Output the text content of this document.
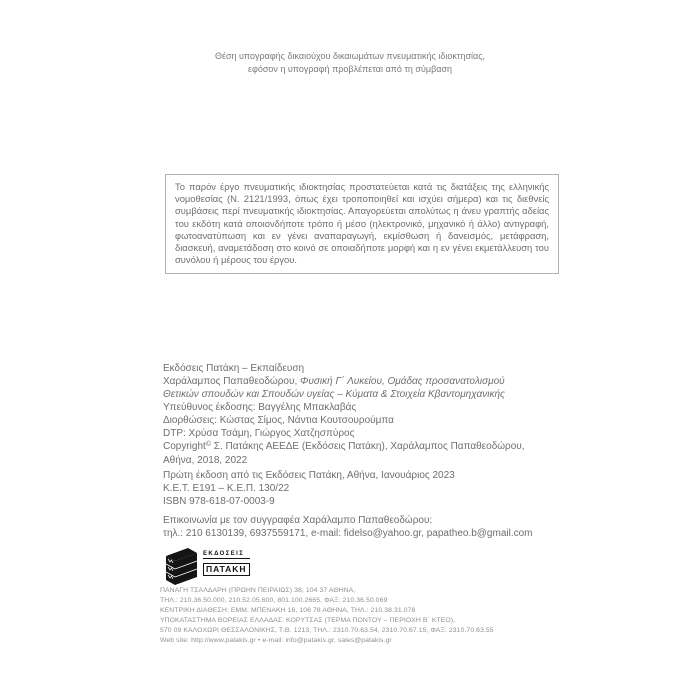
Θέση υπογραφής δικαιούχου δικαιωμάτων πνευματικής ιδιοκτησίας,
εφόσον η υπογραφή προβλέπεται από τη σύμβαση
Το παρόν έργο πνευματικής ιδιοκτησίας προστατεύεται κατά τις διατάξεις της ελληνικής νομοθεσίας (Ν. 2121/1993, όπως έχει τροποποιηθεί και ισχύει σήμερα) και τις διεθνείς συμβάσεις περί πνευματικής ιδιοκτησίας. Απαγορεύεται απολύτως η άνευ γραπτής αδείας του εκδότη κατά οποιονδήποτε τρόπο ή μέσο (ηλεκτρονικό, μηχανικό ή άλλο) αντιγραφή, φωτοανατύπωση και εν γένει αναπαραγωγή, εκμίσθωση ή δανεισμός, μετάφραση, διασκευή, αναμετάδοση στο κοινό σε οποιαδήποτε μορφή και η εν γένει εκμετάλλευση του συνόλου ή μέρους του έργου.
Εκδόσεις Πατάκη – Εκπαίδευση
Χαράλαμπος Παπαθεοδώρου, Φυσική Γ΄ Λυκείου, Ομάδας προσανατολισμού
Θετικών σπουδών και Σπουδών υγείας – Κύματα & Στοιχεία Κβαντομηχανικής
Υπεύθυνος έκδοσης: Βαγγέλης Μπακλαβάς
Διορθώσεις: Κώστας Σίμος, Νάντια Κουτσουρούμπα
DTP: Χρύσα Τσάμη, Γιώργος Χατζησπύρος
Copyright© Σ. Πατάκης ΑΕΕΔΕ (Εκδόσεις Πατάκη), Χαράλαμπος Παπαθεοδώρου,
Αθήνα, 2018, 2022
Πρώτη έκδοση από τις Εκδόσεις Πατάκη, Αθήνα, Ιανουάριος 2023
Κ.Ε.Τ. Ε191 – Κ.Ε.Π. 130/22
ISBN 978-618-07-0003-9
Επικοινωνία με τον συγγραφέα Χαράλαμπο Παπαθεοδώρου:
τηλ.: 210 6130139, 6937559171, e-mail: fidelso@yahoo.gr, papatheo.b@gmail.com
ΕΚΔΟΣΕΙΣ
ΠΑΤΑΚΗ
ΠΑΝΑΓΗ ΤΣΑΛΔΑΡΗ (ΠΡΩΗΝ ΠΕΙΡΑΙΩΣ) 38, 104 37 ΑΘΗΝΑ,
ΤΗΛ.: 210.36.50.000, 210.52.05.600, 801.100.2665, ΦΑΞ: 210.36.50.069
ΚΕΝΤΡΙΚΗ ΔΙΑΘΕΣΗ: ΕΜΜ. ΜΠΕΝΑΚΗ 16, 106 78 ΑΘΗΝΑ, ΤΗΛ.: 210.38.31.078
ΥΠΟΚΑΤΑΣΤΗΜΑ ΒΟΡΕΙΑΣ ΕΛΛΑΔΑΣ: ΚΟΡΥΤΣΑΣ (ΤΕΡΜΑ ΠΟΝΤΟΥ – ΠΕΡΙΟΧΗ Β΄ ΚΤΕΟ),
570 09 ΚΑΛΟΧΩΡΙ ΘΕΣΣΑΛΟΝΙΚΗΣ, Τ.Θ. 1213, ΤΗΛ.: 2310.70.63.54, 2310.70.67.15, ΦΑΞ: 2310.70.63.55
Web site: http://www.patakis.gr • e-mail: info@patakis.gr, sales@patakis.gr
